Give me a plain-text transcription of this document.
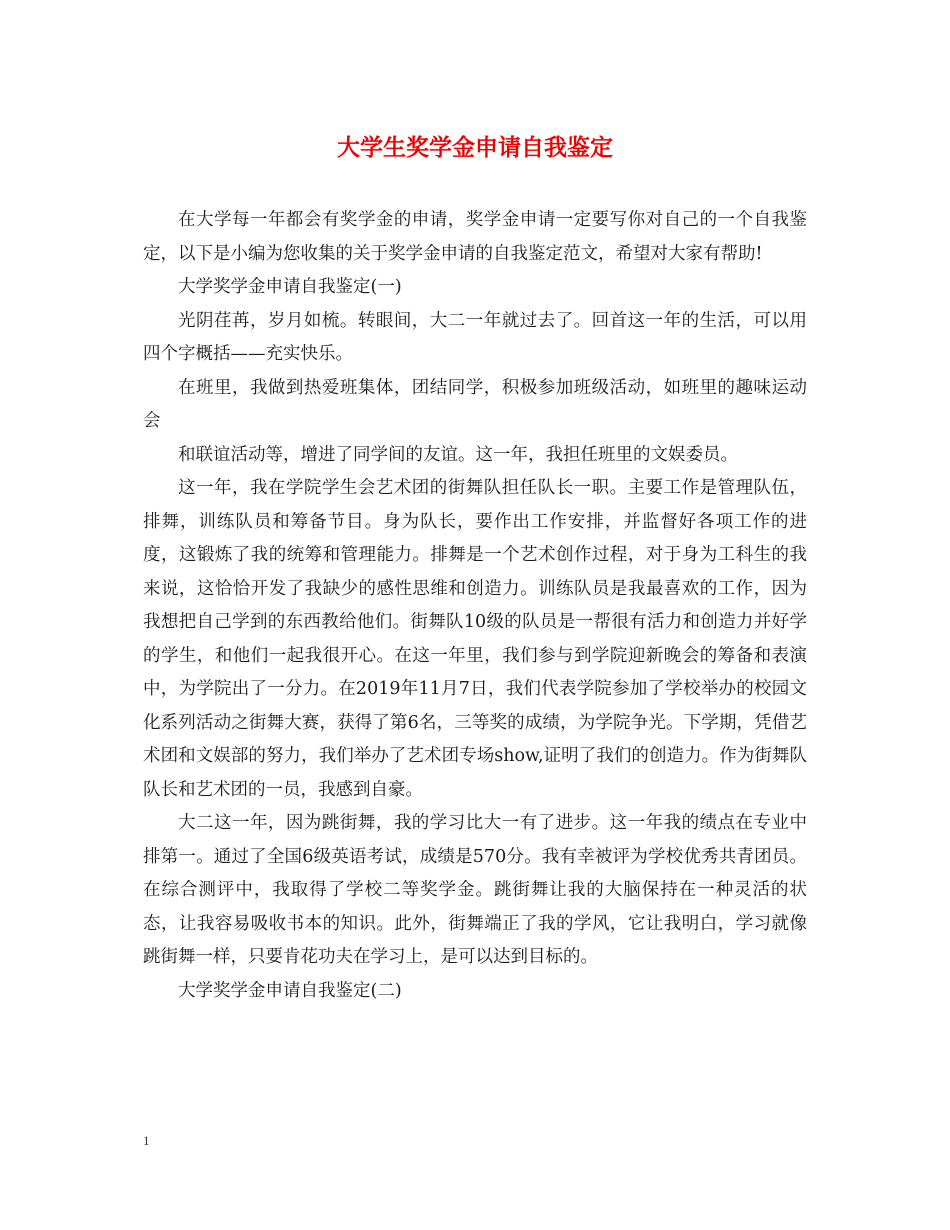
大学生奖学金申请自我鉴定

在大学每一年都会有奖学金的申请，奖学金申请一定要写你对自己的一个自我鉴定，以下是小编为您收集的关于奖学金申请的自我鉴定范文，希望对大家有帮助!

大学奖学金申请自我鉴定(一)

光阴荏苒，岁月如梳。转眼间，大二一年就过去了。回首这一年的生活，可以用四个字概括——充实快乐。

在班里，我做到热爱班集体，团结同学，积极参加班级活动，如班里的趣味运动会

和联谊活动等，增进了同学间的友谊。这一年，我担任班里的文娱委员。

这一年，我在学院学生会艺术团的街舞队担任队长一职。主要工作是管理队伍，排舞，训练队员和筹备节目。身为队长，要作出工作安排，并监督好各项工作的进度，这锻炼了我的统筹和管理能力。排舞是一个艺术创作过程，对于身为工科生的我来说，这恰恰开发了我缺少的感性思维和创造力。训练队员是我最喜欢的工作，因为我想把自己学到的东西教给他们。街舞队10级的队员是一帮很有活力和创造力并好学的学生，和他们一起我很开心。在这一年里，我们参与到学院迎新晚会的筹备和表演中，为学院出了一分力。在2019年11月7日，我们代表学院参加了学校举办的校园文化系列活动之街舞大赛，获得了第6名，三等奖的成绩，为学院争光。下学期，凭借艺术团和文娱部的努力，我们举办了艺术团专场show,证明了我们的创造力。作为街舞队队长和艺术团的一员，我感到自豪。

大二这一年，因为跳街舞，我的学习比大一有了进步。这一年我的绩点在专业中排第一。通过了全国6级英语考试，成绩是570分。我有幸被评为学校优秀共青团员。在综合测评中，我取得了学校二等奖学金。跳街舞让我的大脑保持在一种灵活的状态，让我容易吸收书本的知识。此外，街舞端正了我的学风，它让我明白，学习就像跳街舞一样，只要肯花功夫在学习上，是可以达到目标的。

大学奖学金申请自我鉴定(二)

1
